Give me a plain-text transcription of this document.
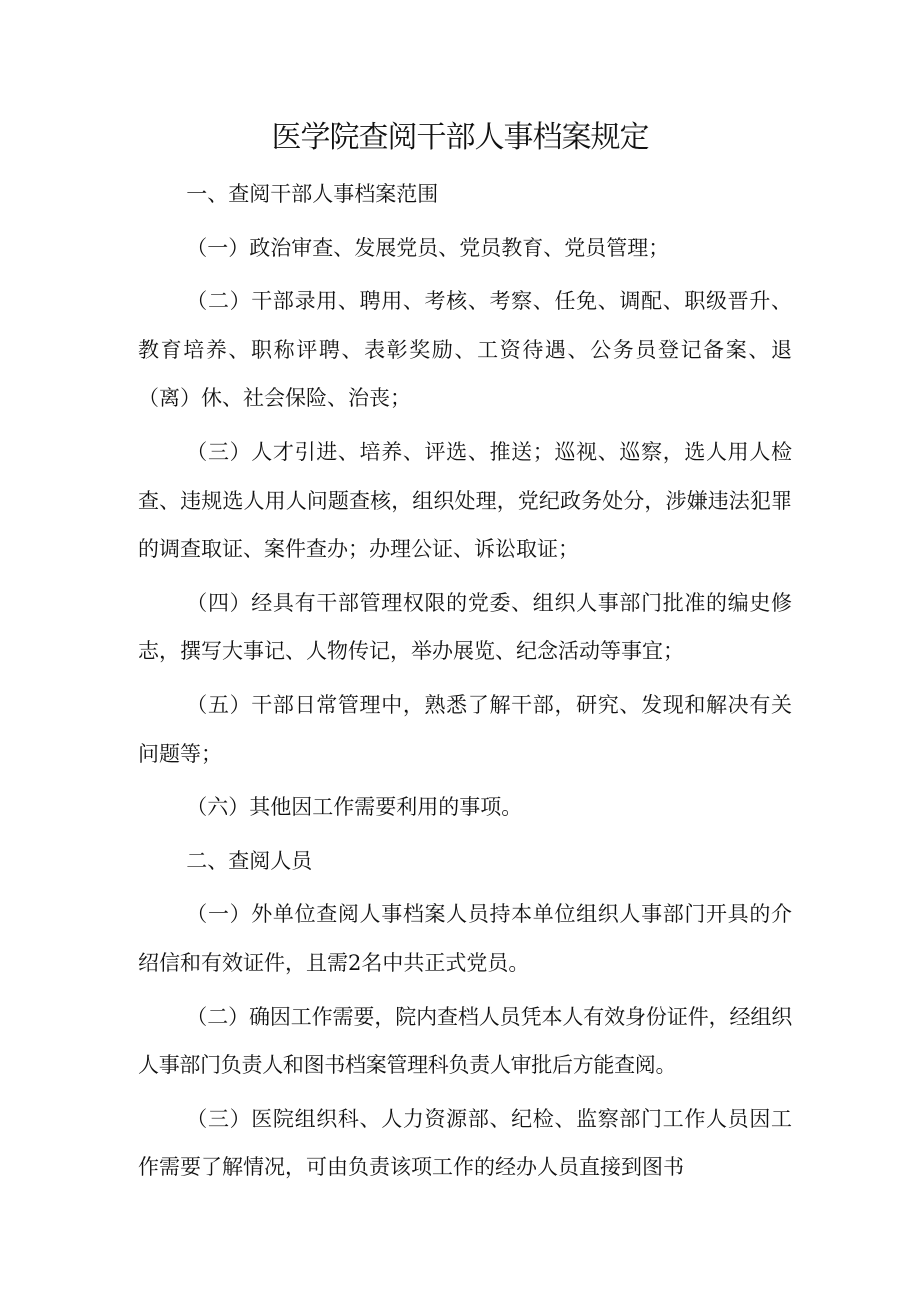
医学院查阅干部人事档案规定

一、查阅干部人事档案范围

（一）政治审查、发展党员、党员教育、党员管理；

（二）干部录用、聘用、考核、考察、任免、调配、职级晋升、教育培养、职称评聘、表彰奖励、工资待遇、公务员登记备案、退（离）休、社会保险、治丧；

（三）人才引进、培养、评选、推送；巡视、巡察，选人用人检查、违规选人用人问题查核，组织处理，党纪政务处分，涉嫌违法犯罪的调查取证、案件查办；办理公证、诉讼取证；

（四）经具有干部管理权限的党委、组织人事部门批准的编史修志，撰写大事记、人物传记，举办展览、纪念活动等事宜；

（五）干部日常管理中，熟悉了解干部，研究、发现和解决有关问题等；

（六）其他因工作需要利用的事项。

二、查阅人员

（一）外单位查阅人事档案人员持本单位组织人事部门开具的介绍信和有效证件，且需2名中共正式党员。

（二）确因工作需要，院内查档人员凭本人有效身份证件，经组织人事部门负责人和图书档案管理科负责人审批后方能查阅。

（三）医院组织科、人力资源部、纪检、监察部门工作人员因工作需要了解情况，可由负责该项工作的经办人员直接到图书
